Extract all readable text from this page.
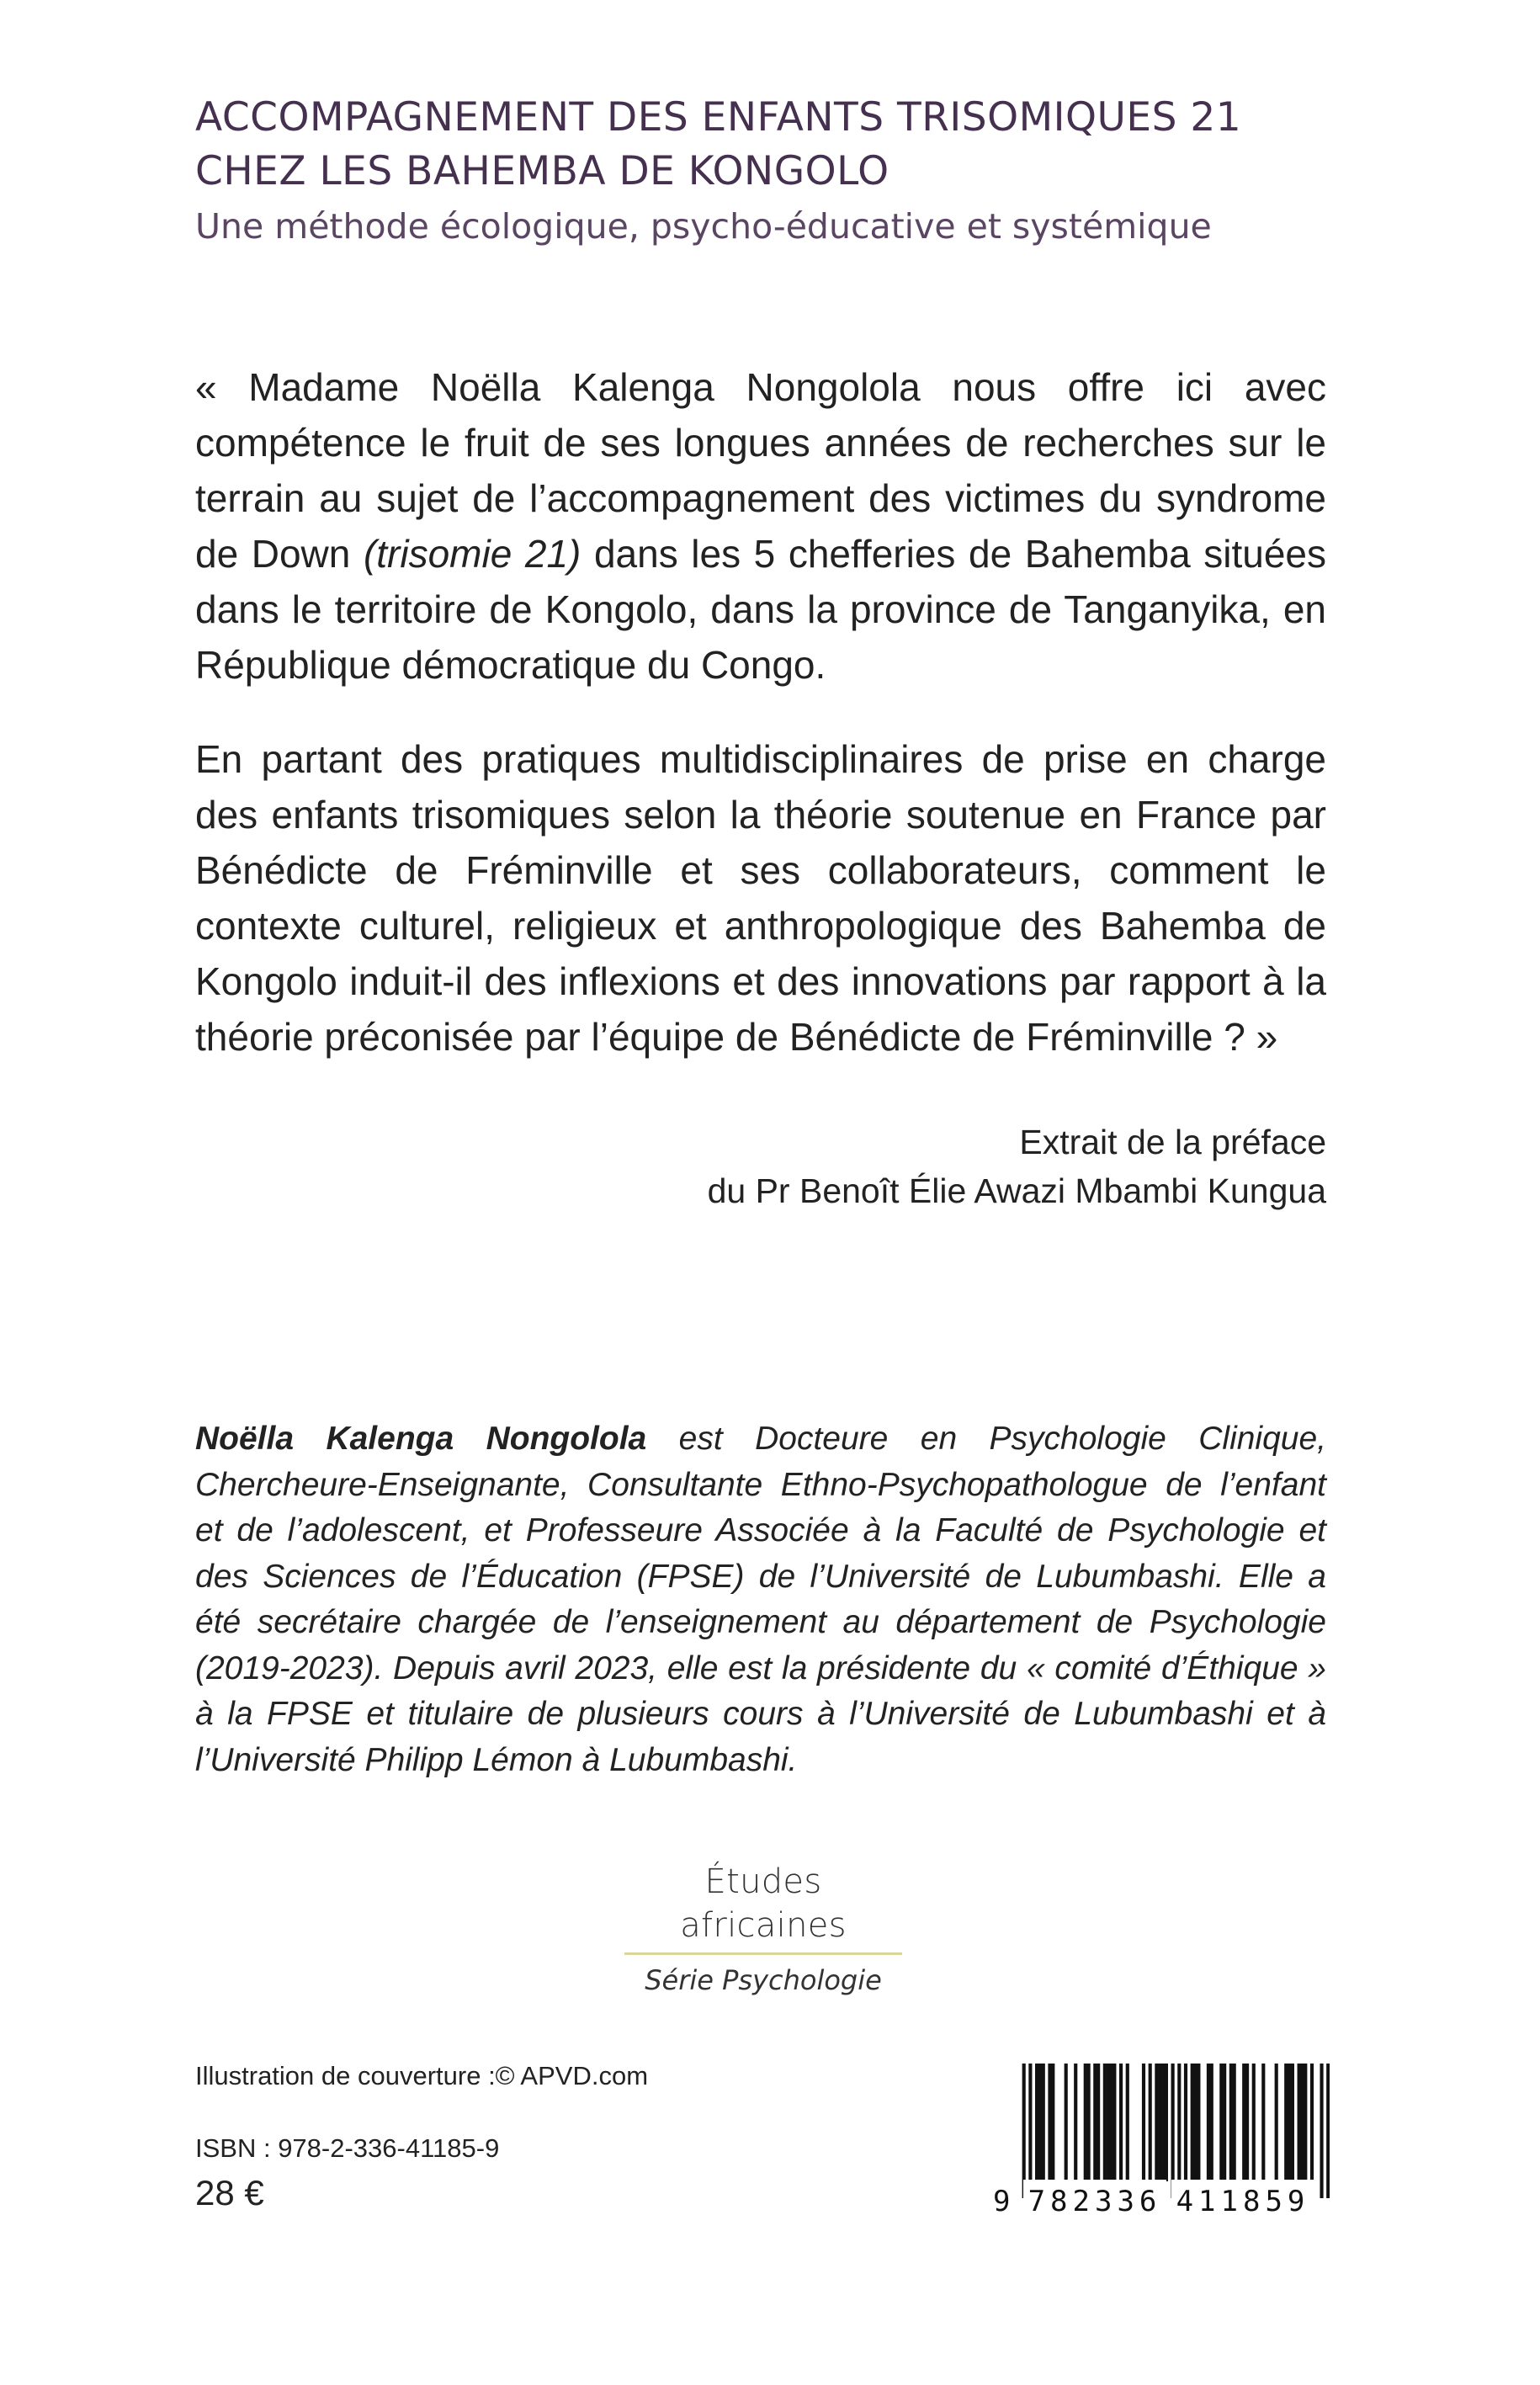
ACCOMPAGNEMENT DES ENFANTS TRISOMIQUES 21
CHEZ LES BAHEMBA DE KONGOLO
Une méthode écologique, psycho-éducative et systémique

« Madame Noëlla Kalenga Nongolola nous offre ici avec compétence le fruit de ses longues années de recherches sur le terrain au sujet de l’accompagnement des victimes du syndrome de Down (trisomie 21) dans les 5 chefferies de Bahemba situées dans le territoire de Kongolo, dans la province de Tanganyika, en République démocratique du Congo.

En partant des pratiques multidisciplinaires de prise en charge des enfants trisomiques selon la théorie soutenue en France par Bénédicte de Fréminville et ses collaborateurs, comment le contexte culturel, religieux et anthropologique des Bahemba de Kongolo induit-il des inflexions et des innovations par rapport à la théorie préconisée par l’équipe de Bénédicte de Fréminville ? »

Extrait de la préface
du Pr Benoît Élie Awazi Mbambi Kungua
Noëlla Kalenga Nongolola est Docteure en Psychologie Clinique, Chercheure-Enseignante, Consultante Ethno-Psychopathologue de l’enfant et de l’adolescent, et Professeure Associée à la Faculté de Psychologie et des Sciences de l’Éducation (FPSE) de l’Université de Lubumbashi. Elle a été secrétaire chargée de l’enseignement au département de Psychologie (2019-2023). Depuis avril 2023, elle est la présidente du « comité d’Éthique » à la FPSE et titulaire de plusieurs cours à l’Université de Lubumbashi et à l’Université Philipp Lémon à Lubumbashi.
Études africaines
Série Psychologie
Illustration de couverture :© APVD.com
ISBN : 978-2-336-41185-9
28 €	9 782336 411859
